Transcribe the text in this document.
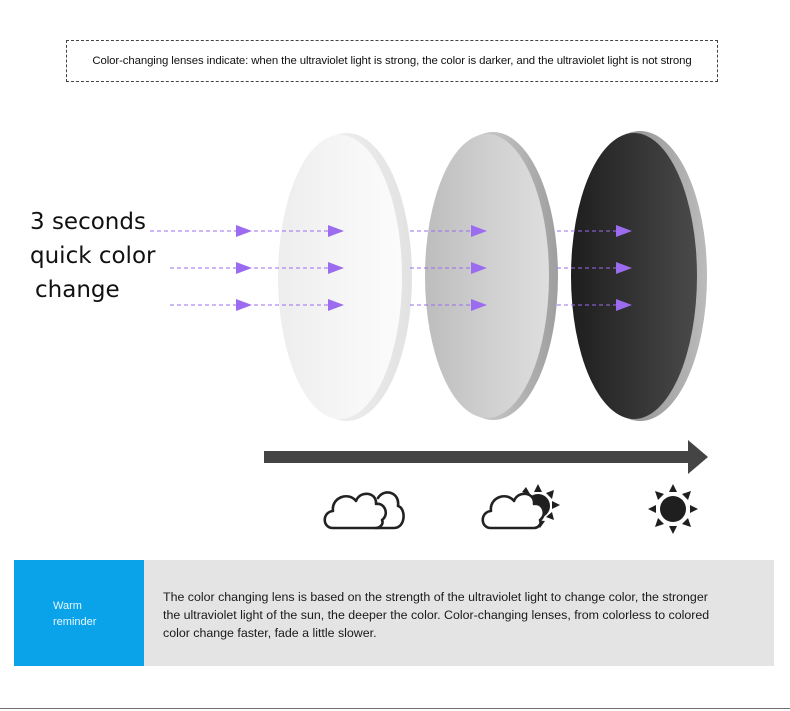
Color-changing lenses indicate: when the ultraviolet light is strong, the color is darker, and the ultraviolet light is not strong
3 seconds
quick color
change
Warm
reminder
The color changing lens is based on the strength of the ultraviolet light to change color, the stronger
the ultraviolet light of the sun, the deeper the color. Color-changing lenses, from colorless to colored
color change faster, fade a little slower.
